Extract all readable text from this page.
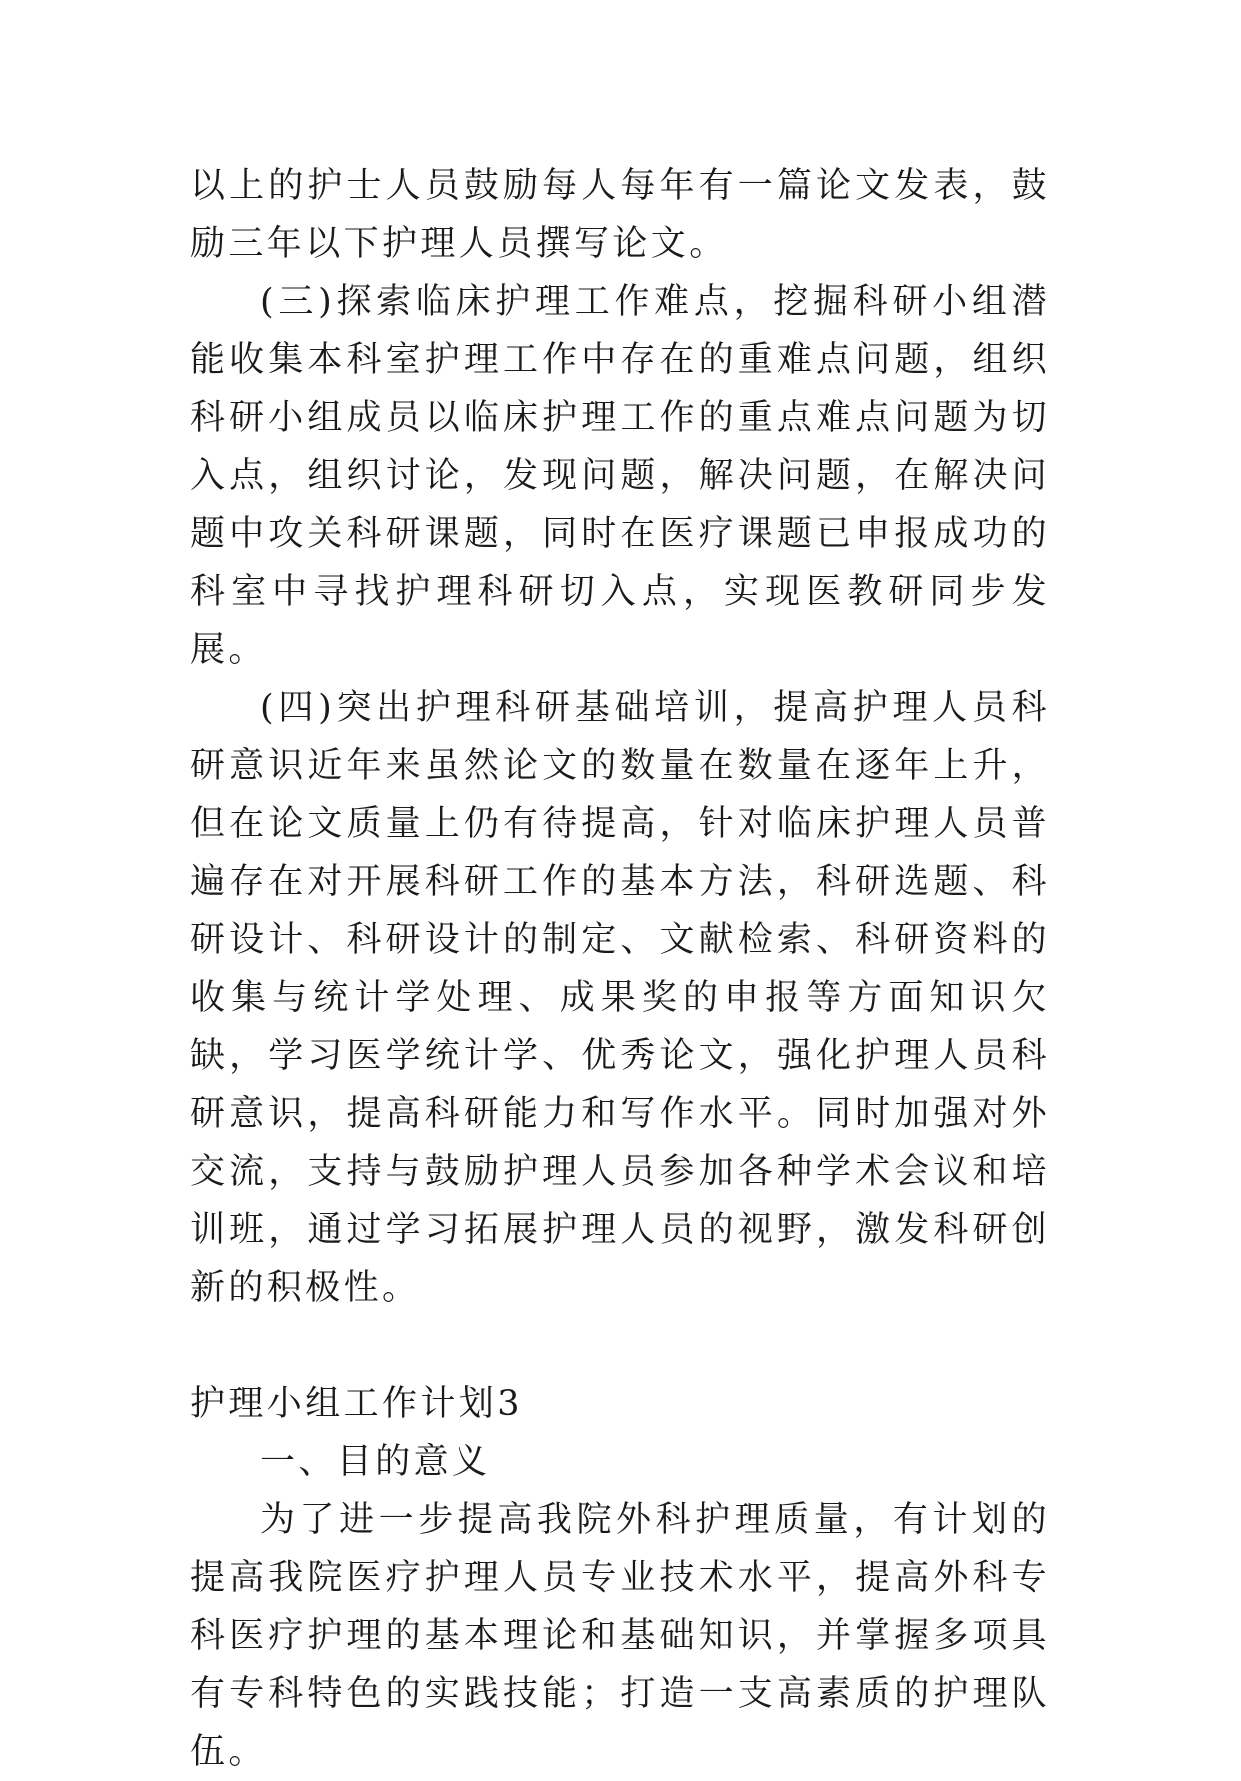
以上的护士人员鼓励每人每年有一篇论文发表，鼓励三年以下护理人员撰写论文。

(三)探索临床护理工作难点，挖掘科研小组潜能收集本科室护理工作中存在的重难点问题，组织科研小组成员以临床护理工作的重点难点问题为切入点，组织讨论，发现问题，解决问题，在解决问题中攻关科研课题，同时在医疗课题已申报成功的科室中寻找护理科研切入点，实现医教研同步发展。

(四)突出护理科研基础培训，提高护理人员科研意识近年来虽然论文的数量在数量在逐年上升，但在论文质量上仍有待提高，针对临床护理人员普遍存在对开展科研工作的基本方法，科研选题、科研设计、科研设计的制定、文献检索、科研资料的收集与统计学处理、成果奖的申报等方面知识欠缺，学习医学统计学、优秀论文，强化护理人员科研意识，提高科研能力和写作水平。同时加强对外交流，支持与鼓励护理人员参加各种学术会议和培训班，通过学习拓展护理人员的视野，激发科研创新的积极性。

护理小组工作计划3

一、目的意义

为了进一步提高我院外科护理质量，有计划的提高我院医疗护理人员专业技术水平，提高外科专科医疗护理的基本理论和基础知识，并掌握多项具有专科特色的实践技能；打造一支高素质的护理队伍。
